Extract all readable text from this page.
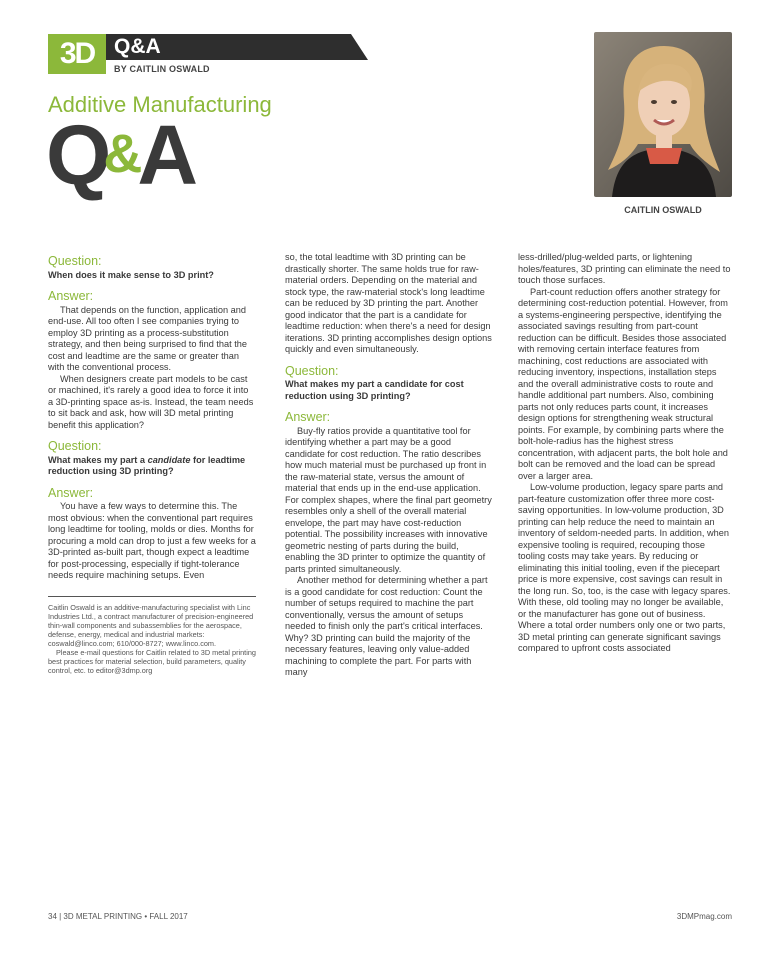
3D Q&A
BY CAITLIN OSWALD
Additive Manufacturing
Q&A
CAITLIN OSWALD
Question:
When does it make sense to 3D print?
Answer:

That depends on the function, application and end-use. All too often I see companies trying to employ 3D printing as a process-substitution strategy, and then being surprised to find that the cost and leadtime are the same or greater than with the conventional process.

When designers create part models to be cast or machined, it's rarely a good idea to force it into a 3D-printing space as-is. Instead, the team needs to sit back and ask, how will 3D metal printing benefit this application?

Question:
What makes my part a candidate for leadtime reduction using 3D printing?
Answer:

You have a few ways to determine this. The most obvious: when the conventional part requires long leadtime for tooling, molds or dies. Months for procuring a mold can drop to just a few weeks for a 3D-printed as-built part, though expect a leadtime for post-processing, especially if tight-tolerance needs require machining setups. Even

Caitlin Oswald is an additive-manufacturing specialist with Linc Industries Ltd., a contract manufacturer of precision-engineered thin-wall components and subassemblies for the aerospace, defense, energy, medical and industrial markets: coswald@linco.com; 610/000-8727; www.linco.com.

Please e-mail questions for Caitlin related to 3D metal printing best practices for material selection, build parameters, quality control, etc. to editor@3dmp.org

so, the total leadtime with 3D printing can be drastically shorter. The same holds true for raw-material orders. Depending on the material and stock type, the raw-material stock's long leadtime can be reduced by 3D printing the part. Another good indicator that the part is a candidate for leadtime reduction: when there's a need for design iterations. 3D printing accomplishes design options quickly and even simultaneously.

Question:
What makes my part a candidate for cost reduction using 3D printing?
Answer:

Buy-fly ratios provide a quantitative tool for identifying whether a part may be a good candidate for cost reduction. The ratio describes how much material must be purchased up front in the raw-material state, versus the amount of material that ends up in the end-use application. For complex shapes, where the final part geometry resembles only a shell of the overall material envelope, the part may have cost-reduction potential. The possibility increases with innovative geometric nesting of parts during the build, enabling the 3D printer to optimize the quantity of parts printed simultaneously.

Another method for determining whether a part is a good candidate for cost reduction: Count the number of setups required to machine the part conventionally, versus the amount of setups needed to finish only the part's critical interfaces. Why? 3D printing can build the majority of the necessary features, leaving only value-added machining to complete the part. For parts with many

less-drilled/plug-welded parts, or lightening holes/features, 3D printing can eliminate the need to touch those surfaces.

Part-count reduction offers another strategy for determining cost-reduction potential. However, from a systems-engineering perspective, identifying the associated savings resulting from part-count reduction can be difficult. Besides those associated with removing certain interface features from machining, cost reductions are associated with reducing inventory, inspections, installation steps and the overall administrative costs to route and handle additional part numbers. Also, combining parts not only reduces parts count, it increases design options for strengthening weak structural points. For example, by combining parts where the bolt-hole-radius has the highest stress concentration, with adjacent parts, the bolt hole and bolt can be removed and the load can be spread over a larger area.

Low-volume production, legacy spare parts and part-feature customization offer three more cost-saving opportunities. In low-volume production, 3D printing can help reduce the need to maintain an inventory of seldom-needed parts. In addition, when expensive tooling is required, recouping those tooling costs may take years. By reducing or eliminating this initial tooling, even if the piecepart price is more expensive, cost savings can result in the long run. So, too, is the case with legacy spares. With these, old tooling may no longer be available, or the manufacturer has gone out of business. Where a total order numbers only one or two parts, 3D metal printing can generate significant savings compared to upfront costs associated

34 | 3D METAL PRINTING • FALL 2017	3DMPmag.com
